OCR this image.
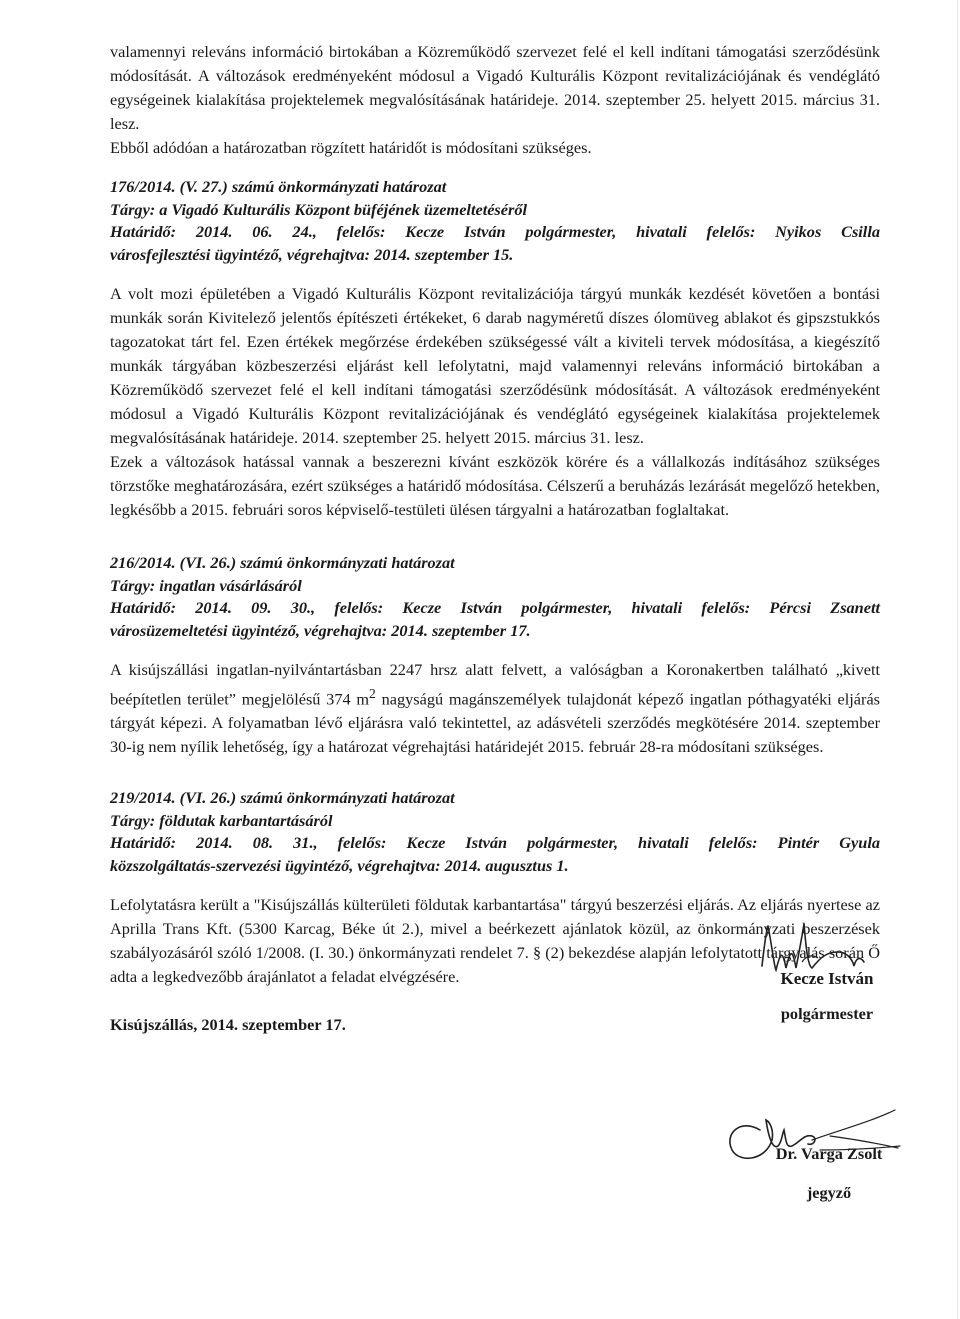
valamennyi releváns információ birtokában a Közreműködő szervezet felé el kell indítani támogatási szerződésünk módosítását. A változások eredményeként módosul a Vigadó Kulturális Központ revitalizációjának és vendéglátó egységeinek kialakítása projektelemek megvalósításának határideje. 2014. szeptember 25. helyett 2015. március 31. lesz.

Ebből adódóan a határozatban rögzített határidőt is módosítani szükséges.

176/2014. (V. 27.) számú önkormányzati határozat

Tárgy: a Vigadó Kulturális Központ büféjének üzemeltetéséről

Határidő: 2014. 06. 24., felelős: Kecze István polgármester, hivatali felelős: Nyikos Csilla

városfejlesztési ügyintéző, végrehajtva: 2014. szeptember 15.

A volt mozi épületében a Vigadó Kulturális Központ revitalizációja tárgyú munkák kezdését követően a bontási munkák során Kivitelező jelentős építészeti értékeket, 6 darab nagyméretű díszes ólomüveg ablakot és gipszstukkós tagozatokat tárt fel. Ezen értékek megőrzése érdekében szükségessé vált a kiviteli tervek módosítása, a kiegészítő munkák tárgyában közbeszerzési eljárást kell lefolytatni, majd valamennyi releváns információ birtokában a Közreműködő szervezet felé el kell indítani támogatási szerződésünk módosítását. A változások eredményeként módosul a Vigadó Kulturális Központ revitalizációjának és vendéglátó egységeinek kialakítása projektelemek megvalósításának határideje. 2014. szeptember 25. helyett 2015. március 31. lesz.

Ezek a változások hatással vannak a beszerezni kívánt eszközök körére és a vállalkozás indításához szükséges törzstőke meghatározására, ezért szükséges a határidő módosítása. Célszerű a beruházás lezárását megelőző hetekben, legkésőbb a 2015. februári soros képviselő-testületi ülésen tárgyalni a határozatban foglaltakat.

216/2014. (VI. 26.) számú önkormányzati határozat

Tárgy: ingatlan vásárlásáról

Határidő: 2014. 09. 30., felelős: Kecze István polgármester, hivatali felelős: Pércsi Zsanett

városüzemeltetési ügyintéző, végrehajtva: 2014. szeptember 17.

A kisújszállási ingatlan-nyilvántartásban 2247 hrsz alatt felvett, a valóságban a Koronakertben található „kivett beépítetlen terület” megjelölésű 374 $m^2$ nagyságú magánszemélyek tulajdonát képező ingatlan póthagyatéki eljárás tárgyát képezi. A folyamatban lévő eljárásra való tekintettel, az adásvételi szerződés megkötésére 2014. szeptember 30-ig nem nyílik lehetőség, így a határozat végrehajtási határidejét 2015. február 28-ra módosítani szükséges.

219/2014. (VI. 26.) számú önkormányzati határozat

Tárgy: földutak karbantartásáról

Határidő: 2014. 08. 31., felelős: Kecze István polgármester, hivatali felelős: Pintér Gyula

közszolgáltatás-szervezési ügyintéző, végrehajtva: 2014. augusztus 1.

Lefolytatásra került a "Kisújszállás külterületi földutak karbantartása" tárgyú beszerzési eljárás. Az eljárás nyertese az Aprilla Trans Kft. (5300 Karcag, Béke út 2.), mivel a beérkezett ajánlatok közül, az önkormányzati beszerzések szabályozásáról szóló 1/2008. (I. 30.) önkormányzati rendelet 7. § (2) bekezdése alapján lefolytatott tárgyalás során Ő adta a legkedvezőbb árajánlatot a feladat elvégzésére.

Kisújszállás, 2014. szeptember 17.

Kecze István
polgármester
Dr. Varga Zsolt
jegyző
